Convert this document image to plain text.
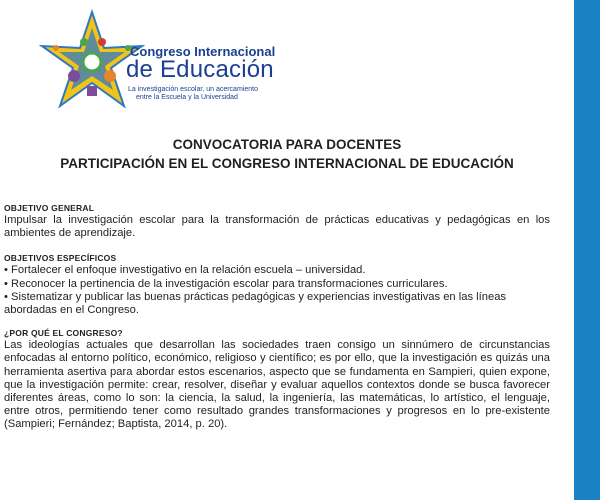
Congreso Internacional
de Educación
La investigación escolar, un acercamiento
entre la Escuela y la Universidad
CONVOCATORIA PARA DOCENTES
PARTICIPACIÓN EN EL CONGRESO INTERNACIONAL DE EDUCACIÓN

OBJETIVO GENERAL

Impulsar la investigación escolar para la transformación de prácticas educativas y pedagógicas en los ambientes de aprendizaje.

OBJETIVOS ESPECÍFICOS

• Fortalecer el enfoque investigativo en la relación escuela – universidad.
• Reconocer la pertinencia de la investigación escolar para transformaciones curriculares.
• Sistematizar y publicar las buenas prácticas pedagógicas y experiencias investigativas en las líneas abordadas en el Congreso.

¿POR QUÉ EL CONGRESO?

Las ideologías actuales que desarrollan las sociedades traen consigo un sinnúmero de circunstancias enfocadas al entorno político, económico, religioso y científico; es por ello, que la investigación es quizás una herramienta asertiva para abordar estos escenarios, aspecto que se fundamenta en Sampieri, quien expone, que la investigación permite: crear, resolver, diseñar y evaluar aquellos contextos donde se busca favorecer diferentes áreas, como lo son: la ciencia, la salud, la ingeniería, las matemáticas, lo artístico, el lenguaje, entre otros, permitiendo tener como resultado grandes transformaciones y progresos en lo pre-existente (Sampieri; Fernández; Baptista, 2014, p. 20).
